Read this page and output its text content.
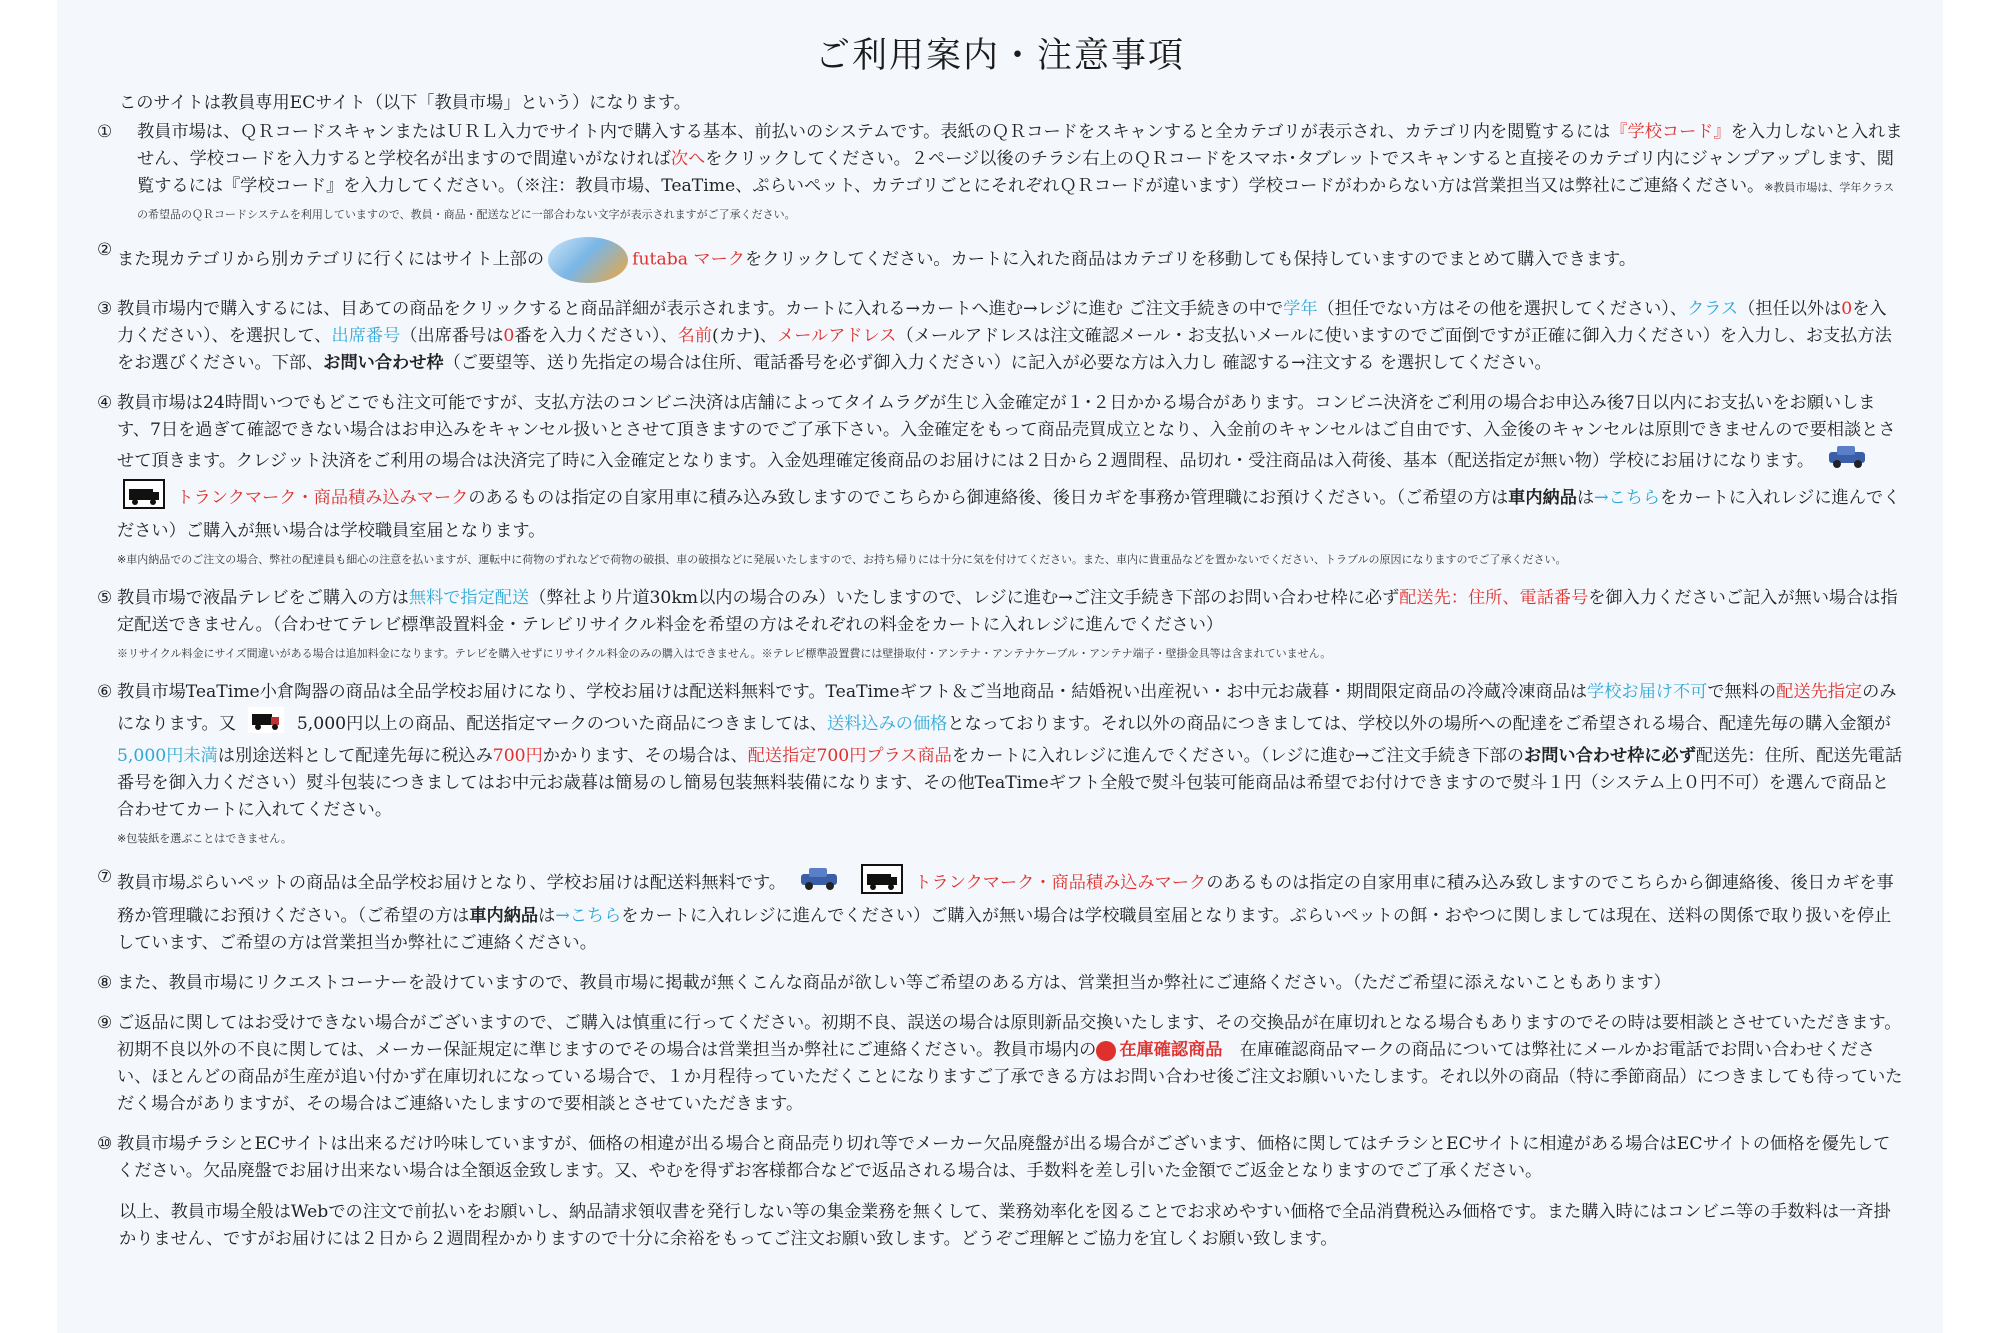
ご利用案内・注意事項

このサイトは教員専用ECサイト（以下「教員市場」という）になります。

①	教員市場は、ＱＲコードスキャンまたはＵＲＬ入力でサイト内で購入する基本、前払いのシステムです。表紙のＱＲコードをスキャンすると全カテゴリが表示され、カテゴリ内を閲覧するには『学校コード』を入力しないと入れません、学校コードを入力すると学校名が出ますので間違いがなければ次へをクリックしてください。２ページ以後のチラシ右上のＱＲコードをスマホ･タブレットでスキャンすると直接そのカテゴリ内にジャンプアップします、閲覧するには『学校コード』を入力してください。（※注：教員市場、TeaTime、ぷらいペット、カテゴリごとにそれぞれＱＲコードが違います）学校コードがわからない方は営業担当又は弊社にご連絡ください。※教員市場は、学年クラスの希望品のＱＲコードシステムを利用していますので、教員・商品・配送などに一部合わない文字が表示されますがご了承ください。
② また現カテゴリから別カテゴリに行くにはサイト上部の	futaba マークをクリックしてください。カートに入れた商品はカテゴリを移動しても保持していますのでまとめて購入できます。
③ 教員市場内で購入するには、目あての商品をクリックすると商品詳細が表示されます。カートに入れる→カートへ進む→レジに進む ご注文手続きの中で学年（担任でない方はその他を選択してください）、クラス（担任以外は0を入力ください）、を選択して、出席番号（出席番号は0番を入力ください）、名前(カナ)、メールアドレス（メールアドレスは注文確認メール・お支払いメールに使いますのでご面倒ですが正確に御入力ください）を入力し、お支払方法をお選びください。下部、お問い合わせ枠（ご要望等、送り先指定の場合は住所、電話番号を必ず御入力ください）に記入が必要な方は入力し 確認する→注文する を選択してください。
④ 教員市場は24時間いつでもどこでも注文可能ですが、支払方法のコンビニ決済は店舗によってタイムラグが生じ入金確定が１･２日かかる場合があります。コンビニ決済をご利用の場合お申込み後7日以内にお支払いをお願いします、7日を過ぎて確認できない場合はお申込みをキャンセル扱いとさせて頂きますのでご了承下さい。入金確定をもって商品売買成立となり、入金前のキャンセルはご自由です、入金後のキャンセルは原則できませんので要相談とさせて頂きます。クレジット決済をご利用の場合は決済完了時に入金確定となります。入金処理確定後商品のお届けには２日から２週間程、品切れ・受注商品は入荷後、基本（配送指定が無い物）学校にお届けになります。   トランクマーク・商品積み込みマークのあるものは指定の自家用車に積み込み致しますのでこちらから御連絡後、後日カギを事務か管理職にお預けください。（ご希望の方は車内納品は→こちらをカートに入れレジに進んでください）ご購入が無い場合は学校職員室届となります。
※車内納品でのご注文の場合、弊社の配達員も細心の注意を払いますが、運転中に荷物のずれなどで荷物の破損、車の破損などに発展いたしますので、お持ち帰りには十分に気を付けてください。また、車内に貴重品などを置かないでください、トラブルの原因になりますのでご了承ください。
⑤ 教員市場で液晶テレビをご購入の方は無料で指定配送（弊社より片道30km以内の場合のみ）いたしますので、レジに進む→ご注文手続き下部のお問い合わせ枠に必ず配送先：住所、電話番号を御入力くださいご記入が無い場合は指定配送できません。（合わせてテレビ標準設置料金・テレビリサイクル料金を希望の方はそれぞれの料金をカートに入れレジに進んでください）
※リサイクル料金にサイズ間違いがある場合は追加料金になります。テレビを購入せずにリサイクル料金のみの購入はできません。※テレビ標準設置費には壁掛取付・アンテナ・アンテナケーブル・アンテナ端子・壁掛金具等は含まれていません。
⑥ 教員市場TeaTime小倉陶器の商品は全品学校お届けになり、学校お届けは配送料無料です。TeaTimeギフト＆ご当地商品・結婚祝い出産祝い・お中元お歳暮・期間限定商品の冷蔵冷凍商品は学校お届け不可で無料の配送先指定のみになります。又	5,000円以上の商品、配送指定マークのついた商品につきましては、送料込みの価格となっております。それ以外の商品につきましては、学校以外の場所への配達をご希望される場合、配達先毎の購入金額が5,000円未満は別途送料として配達先毎に税込み700円かかります、その場合は、配送指定700円プラス商品をカートに入れレジに進んでください。（レジに進む→ご注文手続き下部のお問い合わせ枠に必ず配送先：住所、配送先電話番号を御入力ください）熨斗包装につきましてはお中元お歳暮は簡易のし簡易包装無料装備になります、その他TeaTimeギフト全般で熨斗包装可能商品は希望でお付けできますので熨斗１円（システム上０円不可）を選んで商品と合わせてカートに入れてください。
※包装紙を選ぶことはできません。
⑦ 教員市場ぷらいペットの商品は全品学校お届けとなり、学校お届けは配送料無料です。	トランクマーク・商品積み込みマークのあるものは指定の自家用車に積み込み致しますのでこちらから御連絡後、後日カギを事務か管理職にお預けください。（ご希望の方は車内納品は→こちらをカートに入れレジに進んでください）ご購入が無い場合は学校職員室届となります。ぷらいペットの餌・おやつに関しましては現在、送料の関係で取り扱いを停止しています、ご希望の方は営業担当か弊社にご連絡ください。
⑧ また、教員市場にリクエストコーナーを設けていますので、教員市場に掲載が無くこんな商品が欲しい等ご希望のある方は、営業担当か弊社にご連絡ください。（ただご希望に添えないこともあります）
⑨ ご返品に関してはお受けできない場合がございますので、ご購入は慎重に行ってください。初期不良、誤送の場合は原則新品交換いたします、その交換品が在庫切れとなる場合もありますのでその時は要相談とさせていただきます。初期不良以外の不良に関しては、メーカー保証規定に準じますのでその場合は営業担当か弊社にご連絡ください。教員市場内の 在庫確認商品　 在庫確認商品マークの商品については弊社にメールかお電話でお問い合わせください、ほとんどの商品が生産が追い付かず在庫切れになっている場合で、１か月程待っていただくことになりますご了承できる方はお問い合わせ後ご注文お願いいたします。それ以外の商品（特に季節商品）につきましても待っていただく場合がありますが、その場合はご連絡いたしますので要相談とさせていただきます。
⑩ 教員市場チラシとECサイトは出来るだけ吟味していますが、価格の相違が出る場合と商品売り切れ等でメーカー欠品廃盤が出る場合がございます、価格に関してはチラシとECサイトに相違がある場合はECサイトの価格を優先してください。欠品廃盤でお届け出来ない場合は全額返金致します。又、やむを得ずお客様都合などで返品される場合は、手数料を差し引いた金額でご返金となりますのでご了承ください。

以上、教員市場全般はWebでの注文で前払いをお願いし、納品請求領収書を発行しない等の集金業務を無くして、業務効率化を図ることでお求めやすい価格で全品消費税込み価格です。また購入時にはコンビニ等の手数料は一斉掛かりません、ですがお届けには２日から２週間程かかりますので十分に余裕をもってご注文お願い致します。どうぞご理解とご協力を宜しくお願い致します。
